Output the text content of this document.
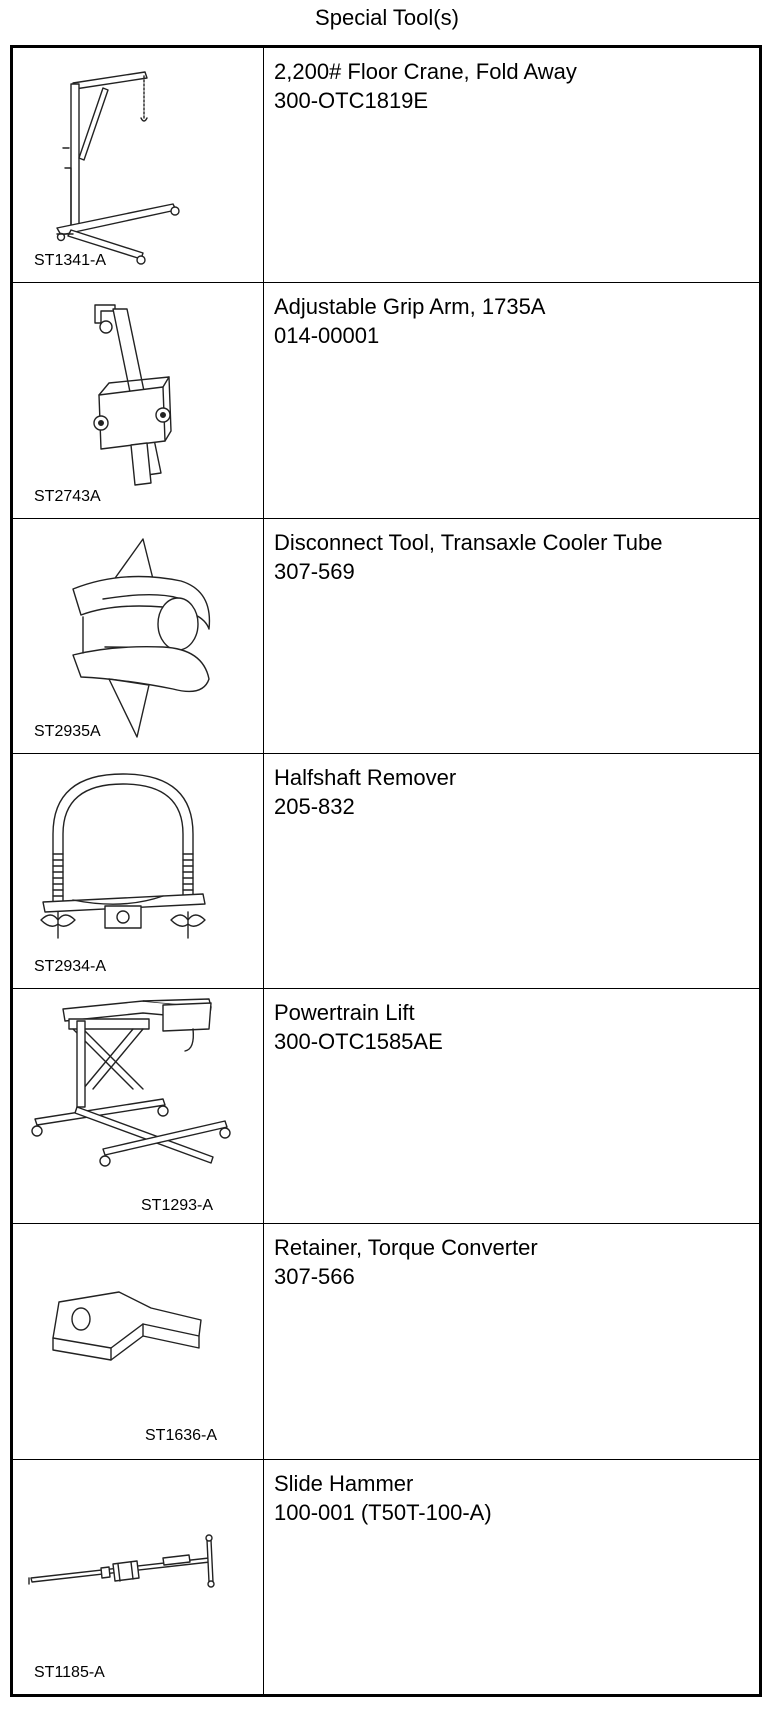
Special Tool(s)
ST1341-A
2,200# Floor Crane, Fold Away
300-OTC1819E
ST2743A
Adjustable Grip Arm, 1735A
014-00001
ST2935A
Disconnect Tool, Transaxle Cooler Tube
307-569
ST2934-A
Halfshaft Remover
205-832
ST1293-A
Powertrain Lift
300-OTC1585AE
ST1636-A
Retainer, Torque Converter
307-566
ST1185-A
Slide Hammer
100-001 (T50T-100-A)
